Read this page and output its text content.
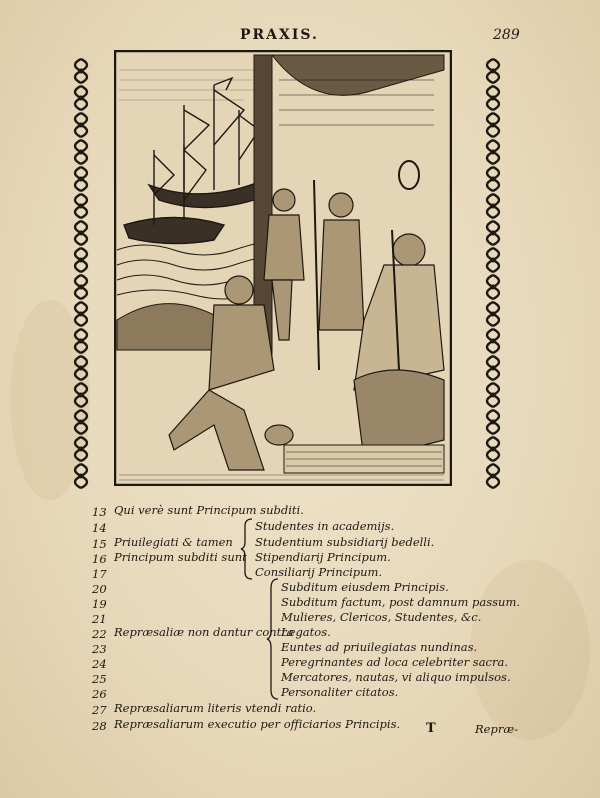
PRAXIS.	289
13
14
15
16
17
20
19
21
22
23
24
25
26
27
28
Qui verè sunt Principum subditi.
Priuilegiati & tamen
Principum subditi sunt
Studentes in academijs.
Studentium subsidiarij bedelli.
Stipendiarij Principum.
Consiliarij Principum.
Repræsaliæ non dantur contra
Subditum eiusdem Principis.
Subditum factum, post damnum passum.
Mulieres, Clericos, Studentes, &c.
Legatos.
Euntes ad priuilegiatas nundinas.
Peregrinantes ad loca celebriter sacra.
Mercatores, nautas, vi aliquo impulsos.
Personaliter citatos.
Repræsaliarum literis vtendi ratio.
Repræsaliarum executio per officiarios Principis. T	Repræ-
